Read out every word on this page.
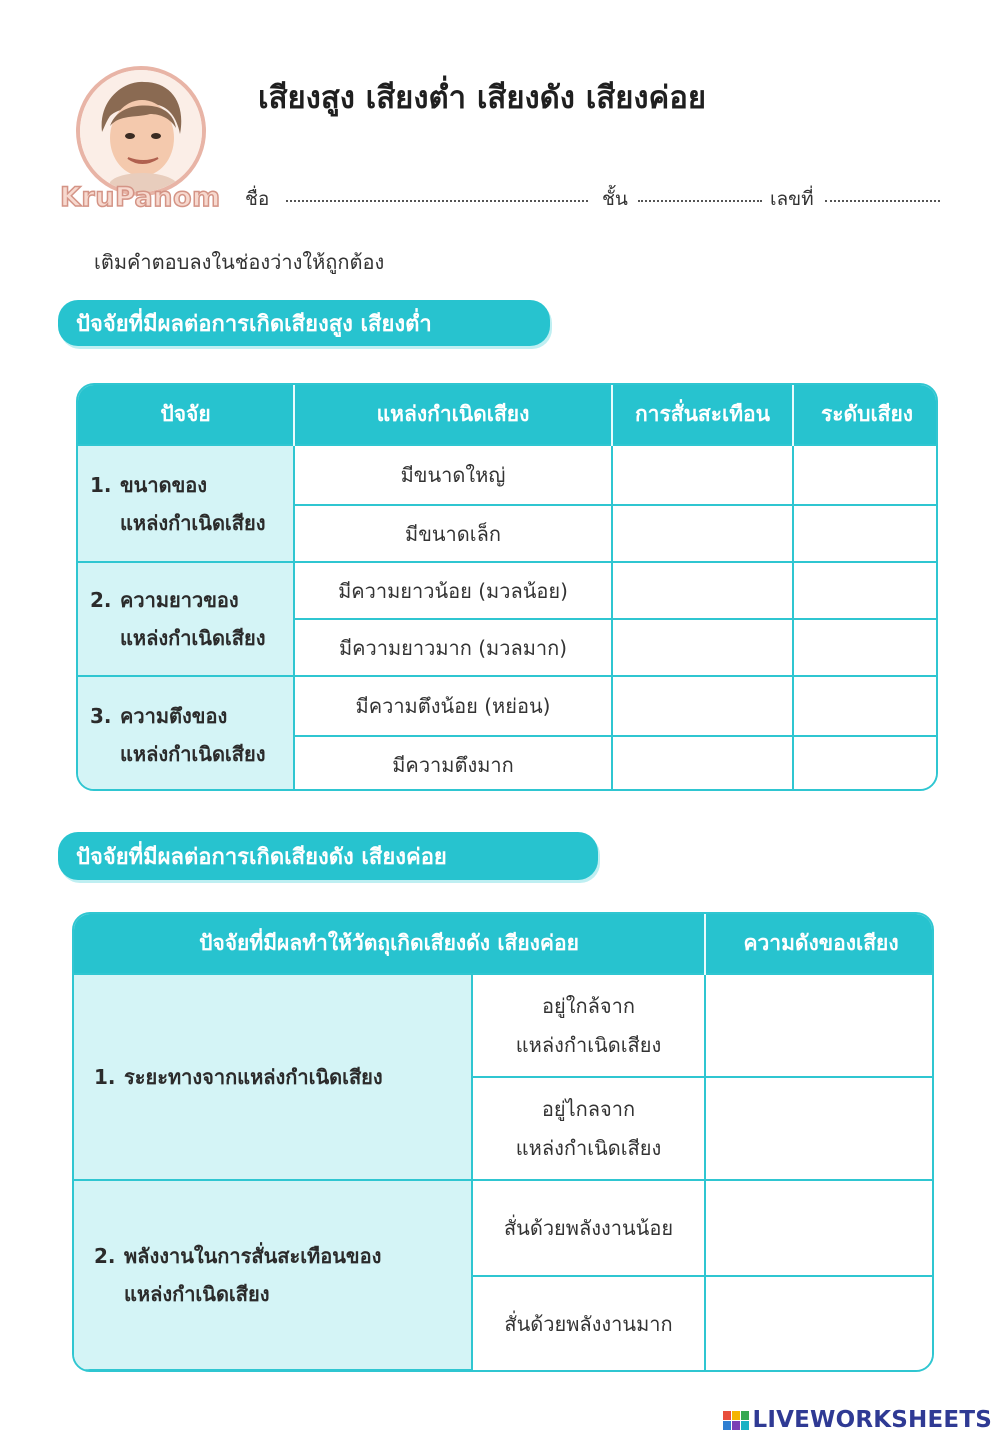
KruPanom
เสียงสูง เสียงต่ำ เสียงดัง เสียงค่อย
ชื่อ	ชั้น	เลขที่
เติมคำตอบลงในช่องว่างให้ถูกต้อง
ปัจจัยที่มีผลต่อการเกิดเสียงสูง เสียงต่ำ
ปัจจัย	แหล่งกำเนิดเสียง	การสั่นสะเทือน	ระดับเสียง
1. ขนาดของ
แหล่งกำเนิดเสียง	มีขนาดใหญ่		
	มีขนาดเล็ก		
2. ความยาวของ
แหล่งกำเนิดเสียง	มีความยาวน้อย (มวลน้อย)		
	มีความยาวมาก (มวลมาก)		
3. ความตึงของ
แหล่งกำเนิดเสียง	มีความตึงน้อย (หย่อน)		
	มีความตึงมาก		
ปัจจัยที่มีผลต่อการเกิดเสียงดัง เสียงค่อย
ปัจจัยที่มีผลทำให้วัตถุเกิดเสียงดัง เสียงค่อย		ความดังของเสียง
1. ระยะทางจากแหล่งกำเนิดเสียง	อยู่ใกล้จาก
แหล่งกำเนิดเสียง	

	อยู่ไกลจาก
แหล่งกำเนิดเสียง	

2. พลังงานในการสั่นสะเทือนของ
แหล่งกำเนิดเสียง	สั่นด้วยพลังงานน้อย	
	สั่นด้วยพลังงานมาก	
LIVEWORKSHEETS
